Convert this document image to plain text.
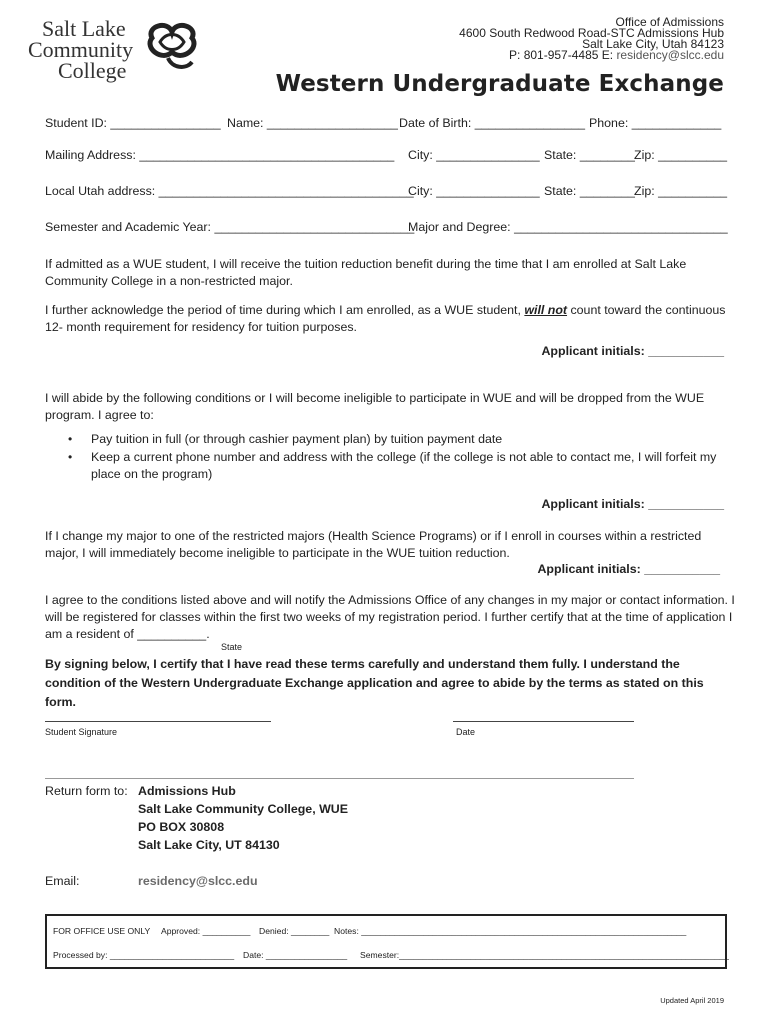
Salt Lake
Community
College
Office of Admissions
4600 South Redwood Road-STC Admissions Hub
Salt Lake City, Utah 84123
P: 801-957-4485 E: residency@slcc.edu
Western Undergraduate Exchange
Student ID: ________________ Name: ___________________ Date of Birth: ________________ Phone: _____________
Mailing Address: _____________________________________ City: _______________ State: ________ Zip: __________
Local Utah address: _____________________________________
City: _______________ State: ________ Zip: __________
Semester and Academic Year: _____________________________
Major and Degree: _______________________________
If admitted as a WUE student, I will receive the tuition reduction benefit during the time that I am enrolled at Salt Lake Community College in a non-restricted major.
I further acknowledge the period of time during which I am enrolled, as a WUE student, will not count toward the continuous 12- month requirement for residency for tuition purposes.
Applicant initials: ___________
I will abide by the following conditions or I will become ineligible to participate in WUE and will be dropped from the WUE program. I agree to:
• Pay tuition in full (or through cashier payment plan) by tuition payment date
• Keep a current phone number and address with the college (if the college is not able to contact me, I will forfeit my place on the program)
Applicant initials: ___________
If I change my major to one of the restricted majors (Health Science Programs) or if I enroll in courses within a restricted major, I will immediately become ineligible to participate in the WUE tuition reduction.
Applicant initials: ___________
I agree to the conditions listed above and will notify the Admissions Office of any changes in my major or contact information. I will be registered for classes within the first two weeks of my registration period. I further certify that at the time of application I am a resident of __________.
State
By signing below, I certify that I have read these terms carefully and understand them fully. I understand the condition of the Western Undergraduate Exchange application and agree to abide by the terms as stated on this form.
Student Signature	Date
Return form to: Admissions Hub
Salt Lake Community College, WUE
PO BOX 30808
Salt Lake City, UT 84130
Email:	residency@slcc.edu
FOR OFFICE USE ONLY Approved: __________ Denied: ________ Notes: ____________________________________________________________________
Processed by: __________________________ Date: _________________ Semester:_____________________________________________________________________
Updated April 2019
